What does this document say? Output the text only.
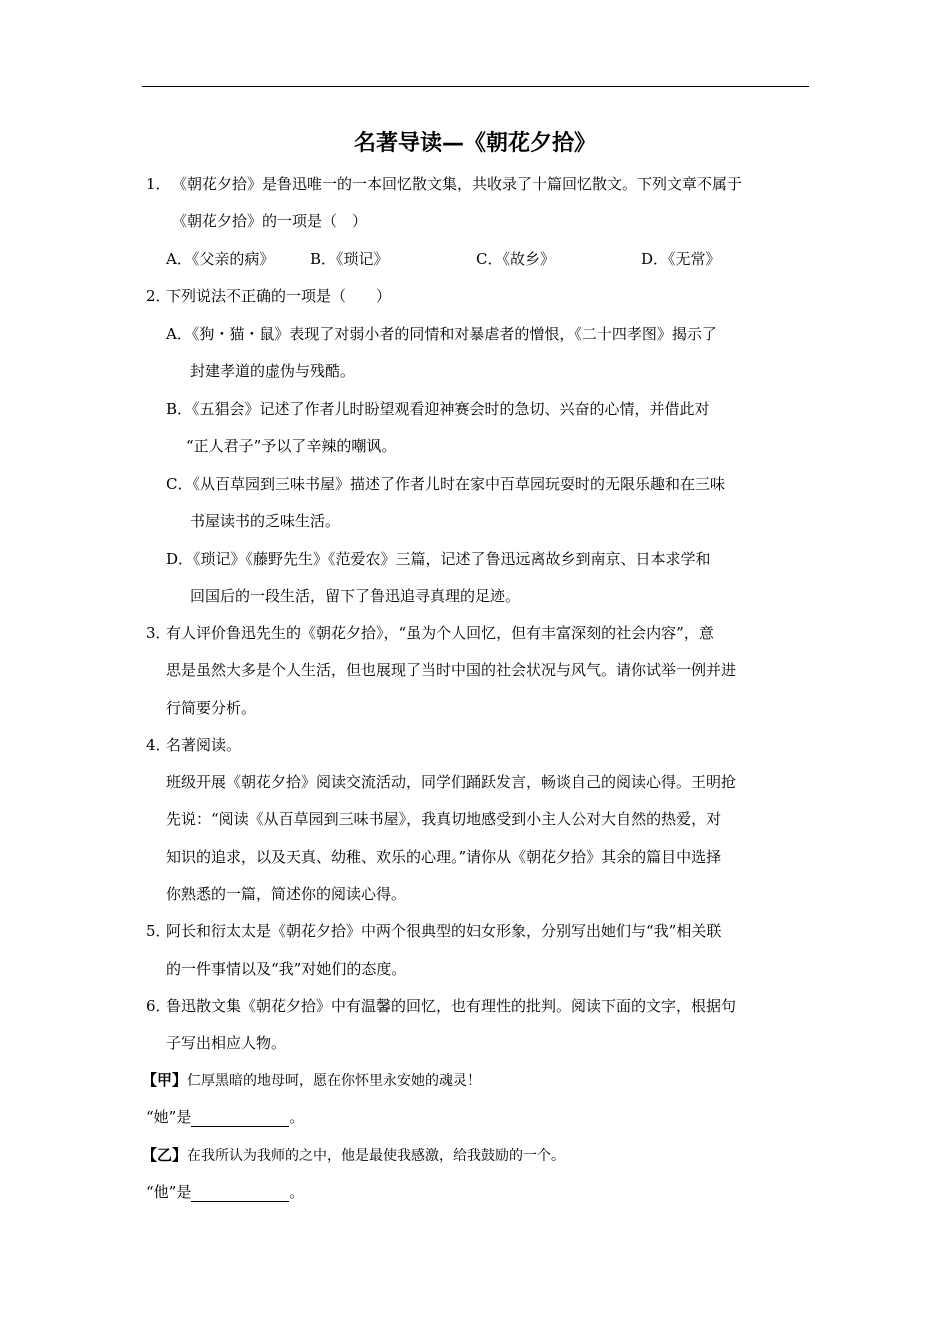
名著导读—《朝花夕拾》
1． 《朝花夕拾》是鲁迅唯一的一本回忆散文集，共收录了十篇回忆散文。下列文章不属于
《朝花夕拾》的一项是（　）
A．《父亲的病》 B．《琐记》	C．《故乡》	D．《无常》
2．
下列说法不正确的一项是（　　）
A．《狗・猫・鼠》表现了对弱小者的同情和对暴虐者的憎恨，《二十四孝图》揭示了
封建孝道的虚伪与残酷。
B．《五猖会》记述了作者儿时盼望观看迎神赛会时的急切、兴奋的心情，并借此对
“正人君子”予以了辛辣的嘲讽。
C．《从百草园到三味书屋》描述了作者儿时在家中百草园玩耍时的无限乐趣和在三味
书屋读书的乏味生活。
D．《琐记》《藤野先生》《范爱农》三篇，记述了鲁迅远离故乡到南京、日本求学和
回国后的一段生活，留下了鲁迅追寻真理的足迹。
3．
有人评价鲁迅先生的《朝花夕拾》，“虽为个人回忆，但有丰富深刻的社会内容”，意
思是虽然大多是个人生活，但也展现了当时中国的社会状况与风气。请你试举一例并进
行简要分析。
4．
名著阅读。
班级开展《朝花夕拾》阅读交流活动，同学们踊跃发言，畅谈自己的阅读心得。王明抢
先说：“阅读《从百草园到三味书屋》，我真切地感受到小主人公对大自然的热爱，对
知识的追求，以及天真、幼稚、欢乐的心理。”请你从《朝花夕拾》其余的篇目中选择
你熟悉的一篇，简述你的阅读心得。
5．
阿长和衍太太是《朝花夕拾》中两个很典型的妇女形象，分别写出她们与“我”相关联
的一件事情以及“我”对她们的态度。
6．
鲁迅散文集《朝花夕拾》中有温馨的回忆，也有理性的批判。阅读下面的文字，根据句
子写出相应人物。
【甲】仁厚黑暗的地母呵，愿在你怀里永安她的魂灵！
“她”是	。
【乙】在我所认为我师的之中，他是最使我感激，给我鼓励的一个。
“他”是	。
